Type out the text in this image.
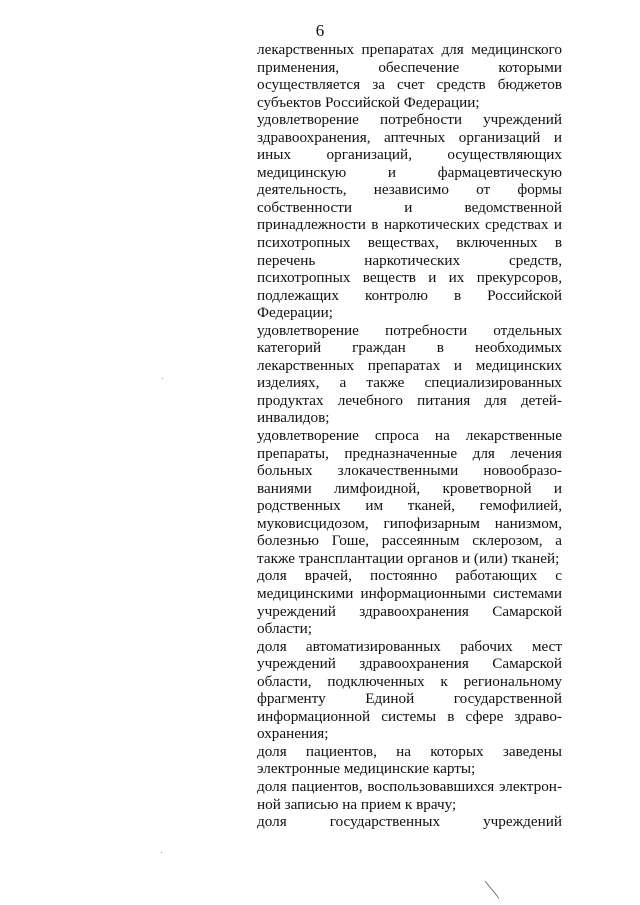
6
лекарственных препаратах для медицинского
применения, обеспечение которыми
осуществляется за счет средств бюджетов
субъектов Российской Федерации;
удовлетворение потребности учреждений
здравоохранения, аптечных организаций и
иных организаций, осуществляющих
медицинскую и фармацевтическую
деятельность, независимо от формы
собственности и ведомственной
принадлежности в наркотических средствах и
психотропных веществах, включенных в
перечень наркотических средств,
психотропных веществ и их прекурсоров,
подлежащих контролю в Российской
Федерации;
удовлетворение потребности отдельных
категорий граждан в необходимых
лекарственных препаратах и медицинских
изделиях, а также специализированных
продуктах лечебного питания для детей-
инвалидов;
удовлетворение спроса на лекарственные
препараты, предназначенные для лечения
больных злокачественными новообразо-
ваниями лимфоидной, кроветворной и
родственных им тканей, гемофилией,
муковисцидозом, гипофизарным нанизмом,
болезнью Гоше, рассеянным склерозом, а
также трансплантации органов и (или) тканей;
доля врачей, постоянно работающих с
медицинскими информационными системами
учреждений здравоохранения Самарской
области;
доля автоматизированных рабочих мест
учреждений здравоохранения Самарской
области, подключенных к региональному
фрагменту Единой государственной
информационной системы в сфере здраво-
охранения;
доля пациентов, на которых заведены
электронные медицинские карты;
доля пациентов, воспользовавшихся электрон-
ной записью на прием к врачу;
доля государственных учреждений
